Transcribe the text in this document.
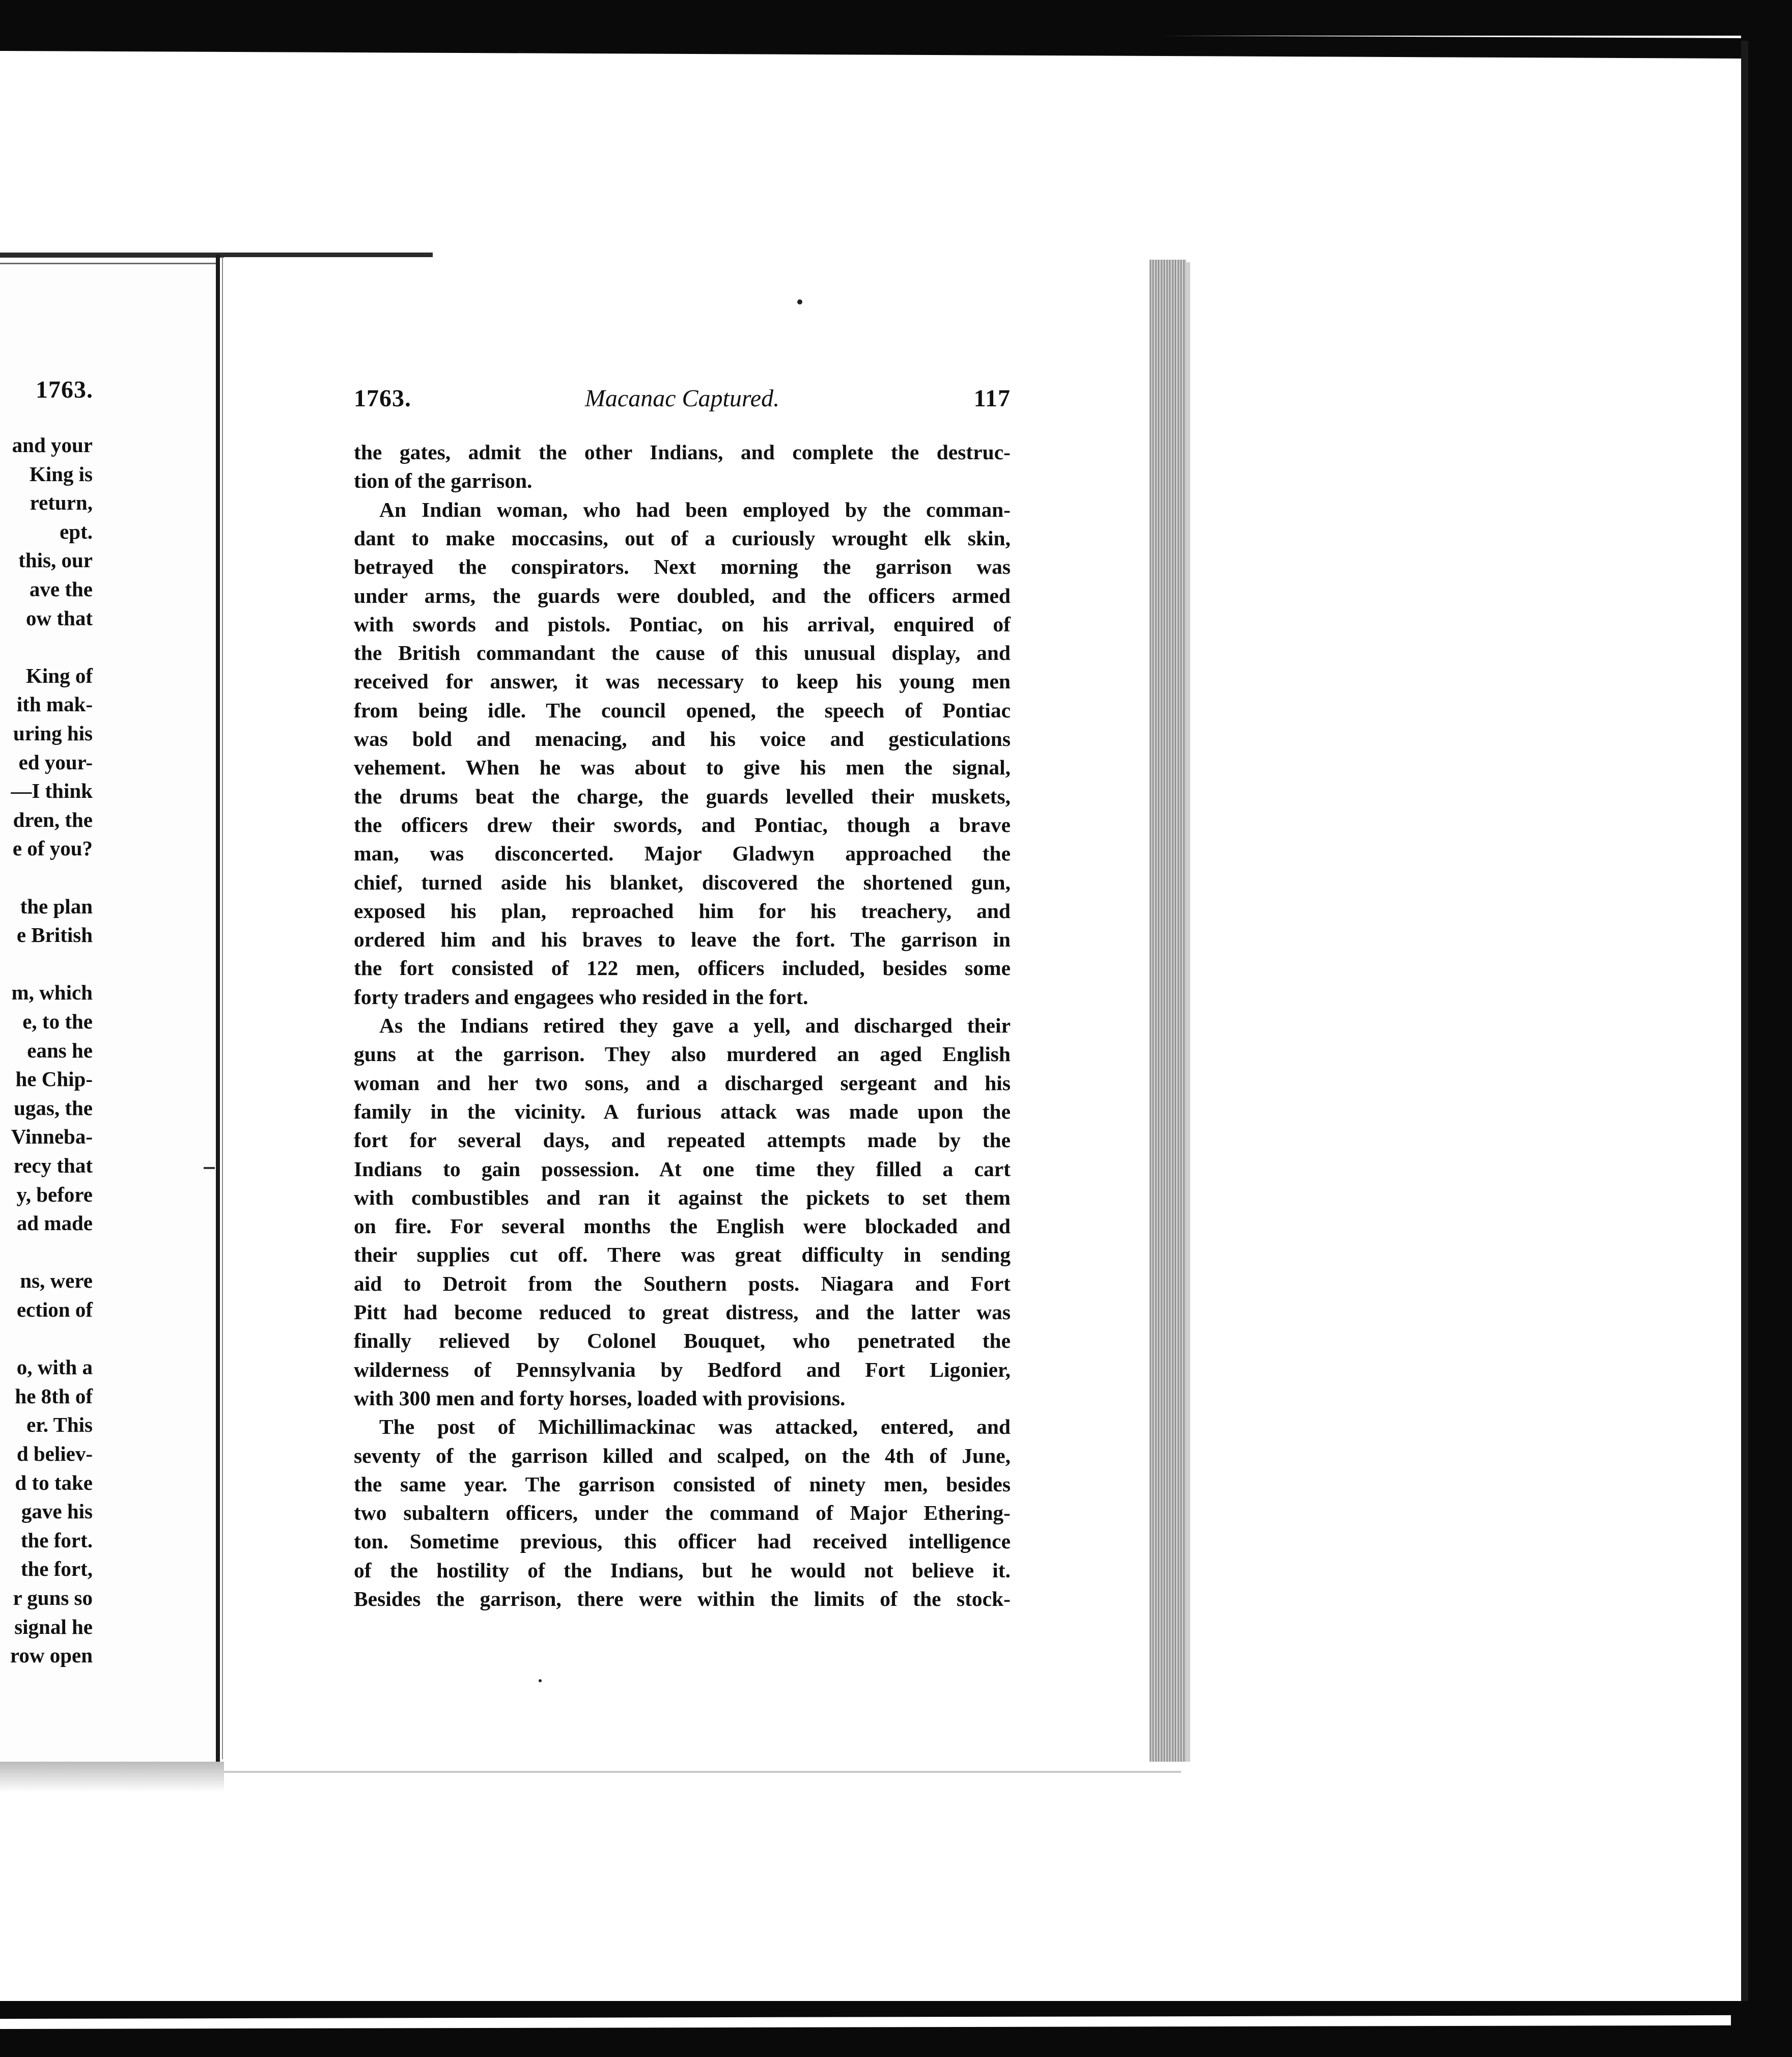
1763.
and your
King is
return,
ept.
this, our
ave the
ow that
King of
ith mak-
uring his
ed your-
—I think
dren, the
e of you?
the plan
e British
m, which
e, to the
eans he
he Chip-
ugas, the
Vinneba-
recy that
y, before
ad made
ns, were
ection of
o, with a
he 8th of
er. This
d believ-
d to take
gave his
the fort.
the fort,
r guns so
signal he
row open
1763.	Macanac Captured.	117
the gates, admit the other Indians, and complete the destruc-
tion of the garrison.
An Indian woman, who had been employed by the comman-
dant to make moccasins, out of a curiously wrought elk skin,
betrayed the conspirators. Next morning the garrison was
under arms, the guards were doubled, and the officers armed
with swords and pistols. Pontiac, on his arrival, enquired of
the British commandant the cause of this unusual display, and
received for answer, it was necessary to keep his young men
from being idle. The council opened, the speech of Pontiac
was bold and menacing, and his voice and gesticulations
vehement. When he was about to give his men the signal,
the drums beat the charge, the guards levelled their muskets,
the officers drew their swords, and Pontiac, though a brave
man, was disconcerted. Major Gladwyn approached the
chief, turned aside his blanket, discovered the shortened gun,
exposed his plan, reproached him for his treachery, and
ordered him and his braves to leave the fort. The garrison in
the fort consisted of 122 men, officers included, besides some
forty traders and engagees who resided in the fort.
As the Indians retired they gave a yell, and discharged their
guns at the garrison. They also murdered an aged English
woman and her two sons, and a discharged sergeant and his
family in the vicinity. A furious attack was made upon the
fort for several days, and repeated attempts made by the
Indians to gain possession. At one time they filled a cart
with combustibles and ran it against the pickets to set them
on fire. For several months the English were blockaded and
their supplies cut off. There was great difficulty in sending
aid to Detroit from the Southern posts. Niagara and Fort
Pitt had become reduced to great distress, and the latter was
finally relieved by Colonel Bouquet, who penetrated the
wilderness of Pennsylvania by Bedford and Fort Ligonier,
with 300 men and forty horses, loaded with provisions.
The post of Michillimackinac was attacked, entered, and
seventy of the garrison killed and scalped, on the 4th of June,
the same year. The garrison consisted of ninety men, besides
two subaltern officers, under the command of Major Ethering-
ton. Sometime previous, this officer had received intelligence
of the hostility of the Indians, but he would not believe it.
Besides the garrison, there were within the limits of the stock-
